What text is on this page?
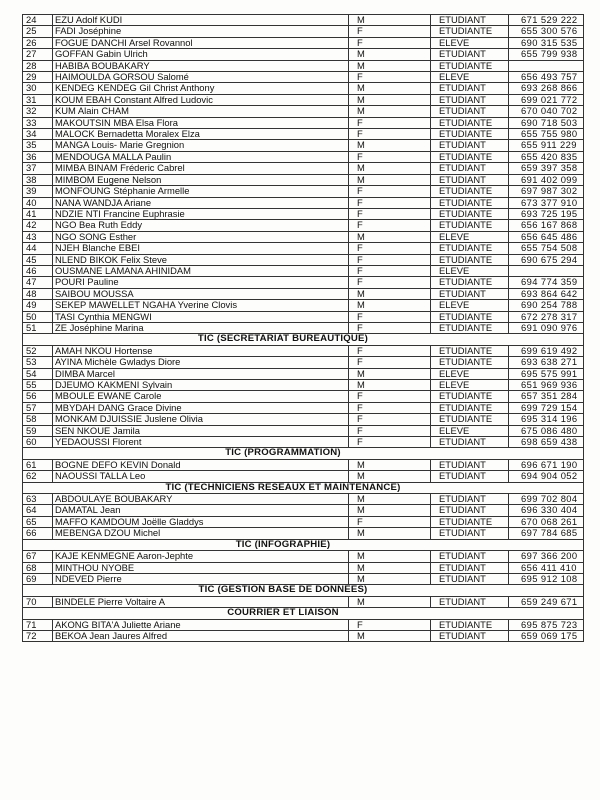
24	EZU Adolf KUDI	M	ETUDIANT	671 529 222
25	FADI Joséphine	F	ETUDIANTE	655 300 576
26	FOGUE DANCHI Arsel Rovannol	F	ELEVE	690 315 535
27	GOFFAN Gabin Ulrich	M	ETUDIANT	655 799 938
28	HABIBA BOUBAKARY	M	ETUDIANTE	
29	HAIMOULDA GORSOU Salomé	F	ELEVE	656 493 757
30	KENDEG KENDEG Gil Christ Anthony	M	ETUDIANT	693 268 866
31	KOUM EBAH Constant Alfred Ludovic	M	ETUDIANT	699 021 772
32	KUM Alain CHAM	M	ETUDIANT	670 040 702
33	MAKOUTSIN MBA Elsa Flora	F	ETUDIANTE	690 718 503
34	MALOCK Bernadetta Moralex Elza	F	ETUDIANTE	655 755 980
35	MANGA Louis- Marie Gregnion	M	ETUDIANT	655 911 229
36	MENDOUGA MALLA Paulin	F	ETUDIANTE	655 420 835
37	MIMBA BINAM Fréderic Cabrel	M	ETUDIANT	659 397 358
38	MIMBOM Eugene Nelson	M	ETUDIANT	691 402 099
39	MONFOUNG Stéphanie Armelle	F	ETUDIANTE	697 987 302
40	NANA WANDJA Ariane	F	ETUDIANTE	673 377 910
41	NDZIE NTI Francine Euphrasie	F	ETUDIANTE	693 725 195
42	NGO Bea Ruth Eddy	F	ETUDIANTE	656 167 868
43	NGO SONG Esther	M	ELEVE	656 645 486
44	NJEH Blanche EBEI	F	ETUDIANTE	655 754 508
45	NLEND BIKOK Felix Steve	F	ETUDIANTE	690 675 294
46	OUSMANE LAMANA AHINIDAM	F	ELEVE	
47	POURI Pauline	F	ETUDIANTE	694 774 359
48	SAIBOU MOUSSA	M	ETUDIANT	693 864 642
49	SEKEP MAWELLET NGAHA Yverine Clovis	M	ELEVE	690 254 788
50	TASI Cynthia MENGWI	F	ETUDIANTE	672 278 317
51	ZE Joséphine Marina	F	ETUDIANTE	691 090 976
TIC (SECRETARIAT BUREAUTIQUE)				
52	AMAH NKOU Hortense	F	ETUDIANTE	699 619 492
53	AYINA Michèle Gwladys Diore	F	ETUDIANTE	693 638 271
54	DIMBA Marcel	M	ELEVE	695 575 991
55	DJEUMO KAKMENI Sylvain	M	ELEVE	651 969 936
56	MBOULE EWANE Carole	F	ETUDIANTE	657 351 284
57	MBYDAH DANG Grace Divine	F	ETUDIANTE	699 729 154
58	MONKAM DJUISSIE Juslene Olivia	F	ETUDIANTE	695 314 196
59	SEN NKOUE Jamila	F	ELEVE	675 086 480
60	YEDAOUSSI Florent	F	ETUDIANT	698 659 438
TIC (PROGRAMMATION)				
61	BOGNE DEFO KEVIN Donald	M	ETUDIANT	696 671 190
62	NAOUSSI TALLA Leo	M	ETUDIANT	694 904 052
TIC (TECHNICIENS RESEAUX ET MAINTENANCE)				
63	ABDOULAYE BOUBAKARY	M	ETUDIANT	699 702 804
64	DAMATAL Jean	M	ETUDIANT	696 330 404
65	MAFFO KAMDOUM Joëlle Gladdys	F	ETUDIANTE	670 068 261
66	MEBENGA DZOU Michel	M	ETUDIANT	697 784 685
TIC (INFOGRAPHIE)				
67	KAJE KENMEGNE Aaron-Jephte	M	ETUDIANT	697 366 200
68	MINTHOU NYOBE	M	ETUDIANT	656 411 410
69	NDEVED Pierre	M	ETUDIANT	695 912 108
TIC (GESTION BASE DE DONNEES)				
70	BINDELE Pierre Voltaire A	M	ETUDIANT	659 249 671
COURRIER ET LIAISON				
71	AKONG BITA'A Juliette Ariane	F	ETUDIANTE	695 875 723
72	BEKOA Jean Jaures Alfred	M	ETUDIANT	659 069 175
